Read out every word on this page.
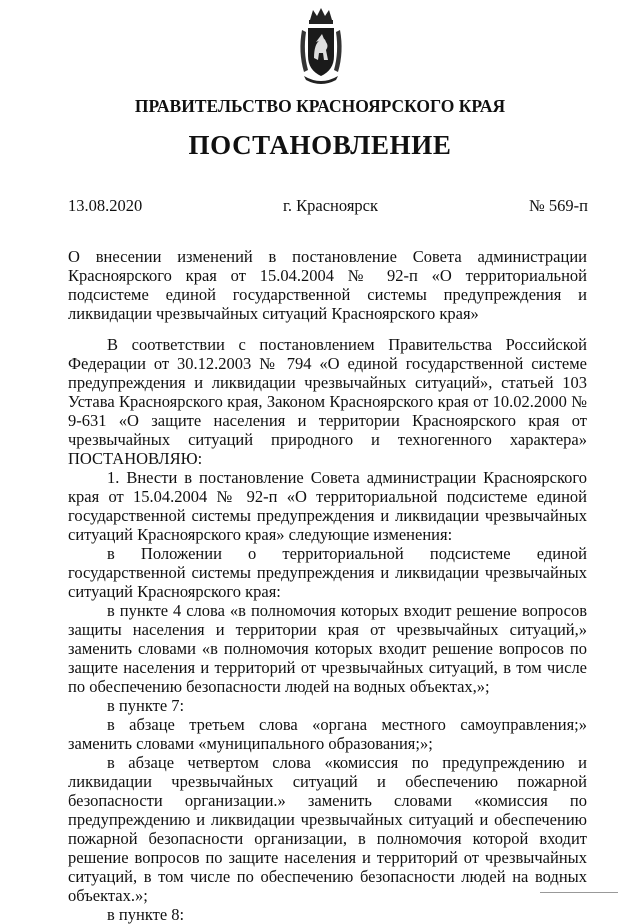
ПРАВИТЕЛЬСТВО КРАСНОЯРСКОГО КРАЯ
ПОСТАНОВЛЕНИЕ
13.08.2020	г. Красноярск	№ 569-п

О внесении изменений в постановление Совета администрации Красноярского края от 15.04.2004 № 92-п «О территориальной подсистеме единой государственной системы предупреждения и ликвидации чрезвычайных ситуаций Красноярского края»

В соответствии с постановлением Правительства Российской Федерации от 30.12.2003 № 794 «О единой государственной системе предупреждения и ликвидации чрезвычайных ситуаций», статьей 103 Устава Красноярского края, Законом Красноярского края от 10.02.2000 № 9-631 «О защите населения и территории Красноярского края от чрезвычайных ситуаций природного и техногенного характера» ПОСТАНОВЛЯЮ:

1. Внести в постановление Совета администрации Красноярского края от 15.04.2004 № 92-п «О территориальной подсистеме единой государственной системы предупреждения и ликвидации чрезвычайных ситуаций Красноярского края» следующие изменения:

в Положении о территориальной подсистеме единой государственной системы предупреждения и ликвидации чрезвычайных ситуаций Красноярского края:

в пункте 4 слова «в полномочия которых входит решение вопросов защиты населения и территории края от чрезвычайных ситуаций,» заменить словами «в полномочия которых входит решение вопросов по защите населения и территорий от чрезвычайных ситуаций, в том числе по обеспечению безопасности людей на водных объектах,»;

в пункте 7:

в абзаце третьем слова «органа местного самоуправления;» заменить словами «муниципального образования;»;

в абзаце четвертом слова «комиссия по предупреждению и ликвидации чрезвычайных ситуаций и обеспечению пожарной безопасности организации.» заменить словами «комиссия по предупреждению и ликвидации чрезвычайных ситуаций и обеспечению пожарной безопасности организации, в полномочия которой входит решение вопросов по защите населения и территорий от чрезвычайных ситуаций, в том числе по обеспечению безопасности людей на водных объектах.»;

в пункте 8:
